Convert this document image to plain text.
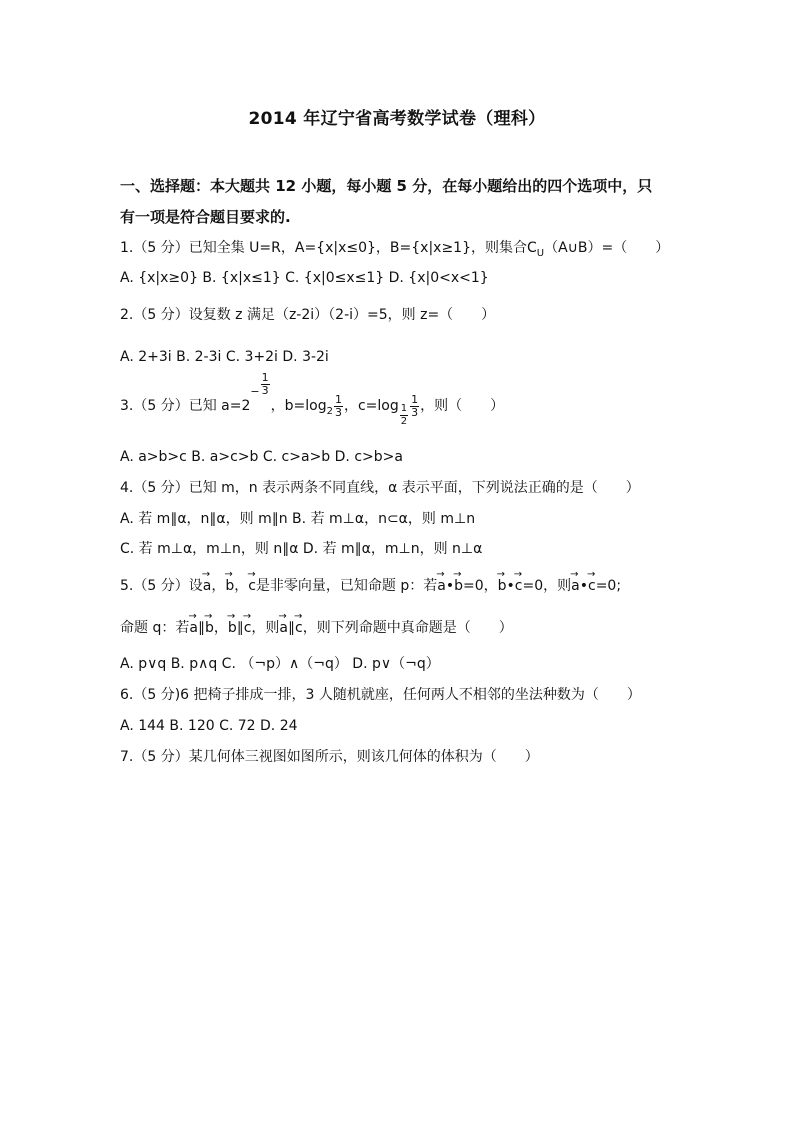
2014 年辽宁省高考数学试卷（理科）
一、选择题：本大题共 12 小题，每小题 5 分，在每小题给出的四个选项中，只
有一项是符合题目要求的.
1.（5 分）已知全集 U=R，A={x|x≤0}，B={x|x≥1}，则集合$C_U(A\cup B)=$（　　）
A. {x|x≥0} B. {x|x≤1} C. {x|0≤x≤1} D. {x|0<x<1}
2.（5 分）设复数 z 满足（z-2i）（2-i）=5，则 z=（　　）
A. 2+3i B. 2-3i C. 3+2i D. 3-2i
3.（5 分）已知 $a=2- \frac{1}{3}$
，$b=\log_2 \frac{1}{3}$ ，$c=\log \frac{1}{2} \frac{1}{3}$ ，则（　　）
A. a>b>c B. a>c>b C. c>a>b D. c>b>a
4.（5 分）已知 m，n 表示两条不同直线，α 表示平面，下列说法正确的是（　　）
A. 若 m∥α，n∥α，则 m∥n B. 若 m⊥α，n⊂α，则 m⊥n
C. 若 m⊥α，m⊥n，则 n∥α D. 若 m∥α，m⊥n，则 n⊥α
5.（5 分）设→ a，→ b，→ c是非零向量，已知命题 p：若→ a•→ b=0，→ b•→ c=0，则→ a•→ c=0;
命题 q：若→ a∥→ b，→ b∥→ c，则→ a∥→ c，则下列命题中真命题是（　　）
A. p∨q B. p∧q C. （¬p）∧（¬q） D. p∨（¬q）
6.（5 分)6 把椅子排成一排，3 人随机就座，任何两人不相邻的坐法种数为（　　）
A. 144 B. 120 C. 72 D. 24
7.（5 分）某几何体三视图如图所示，则该几何体的体积为（　　）
